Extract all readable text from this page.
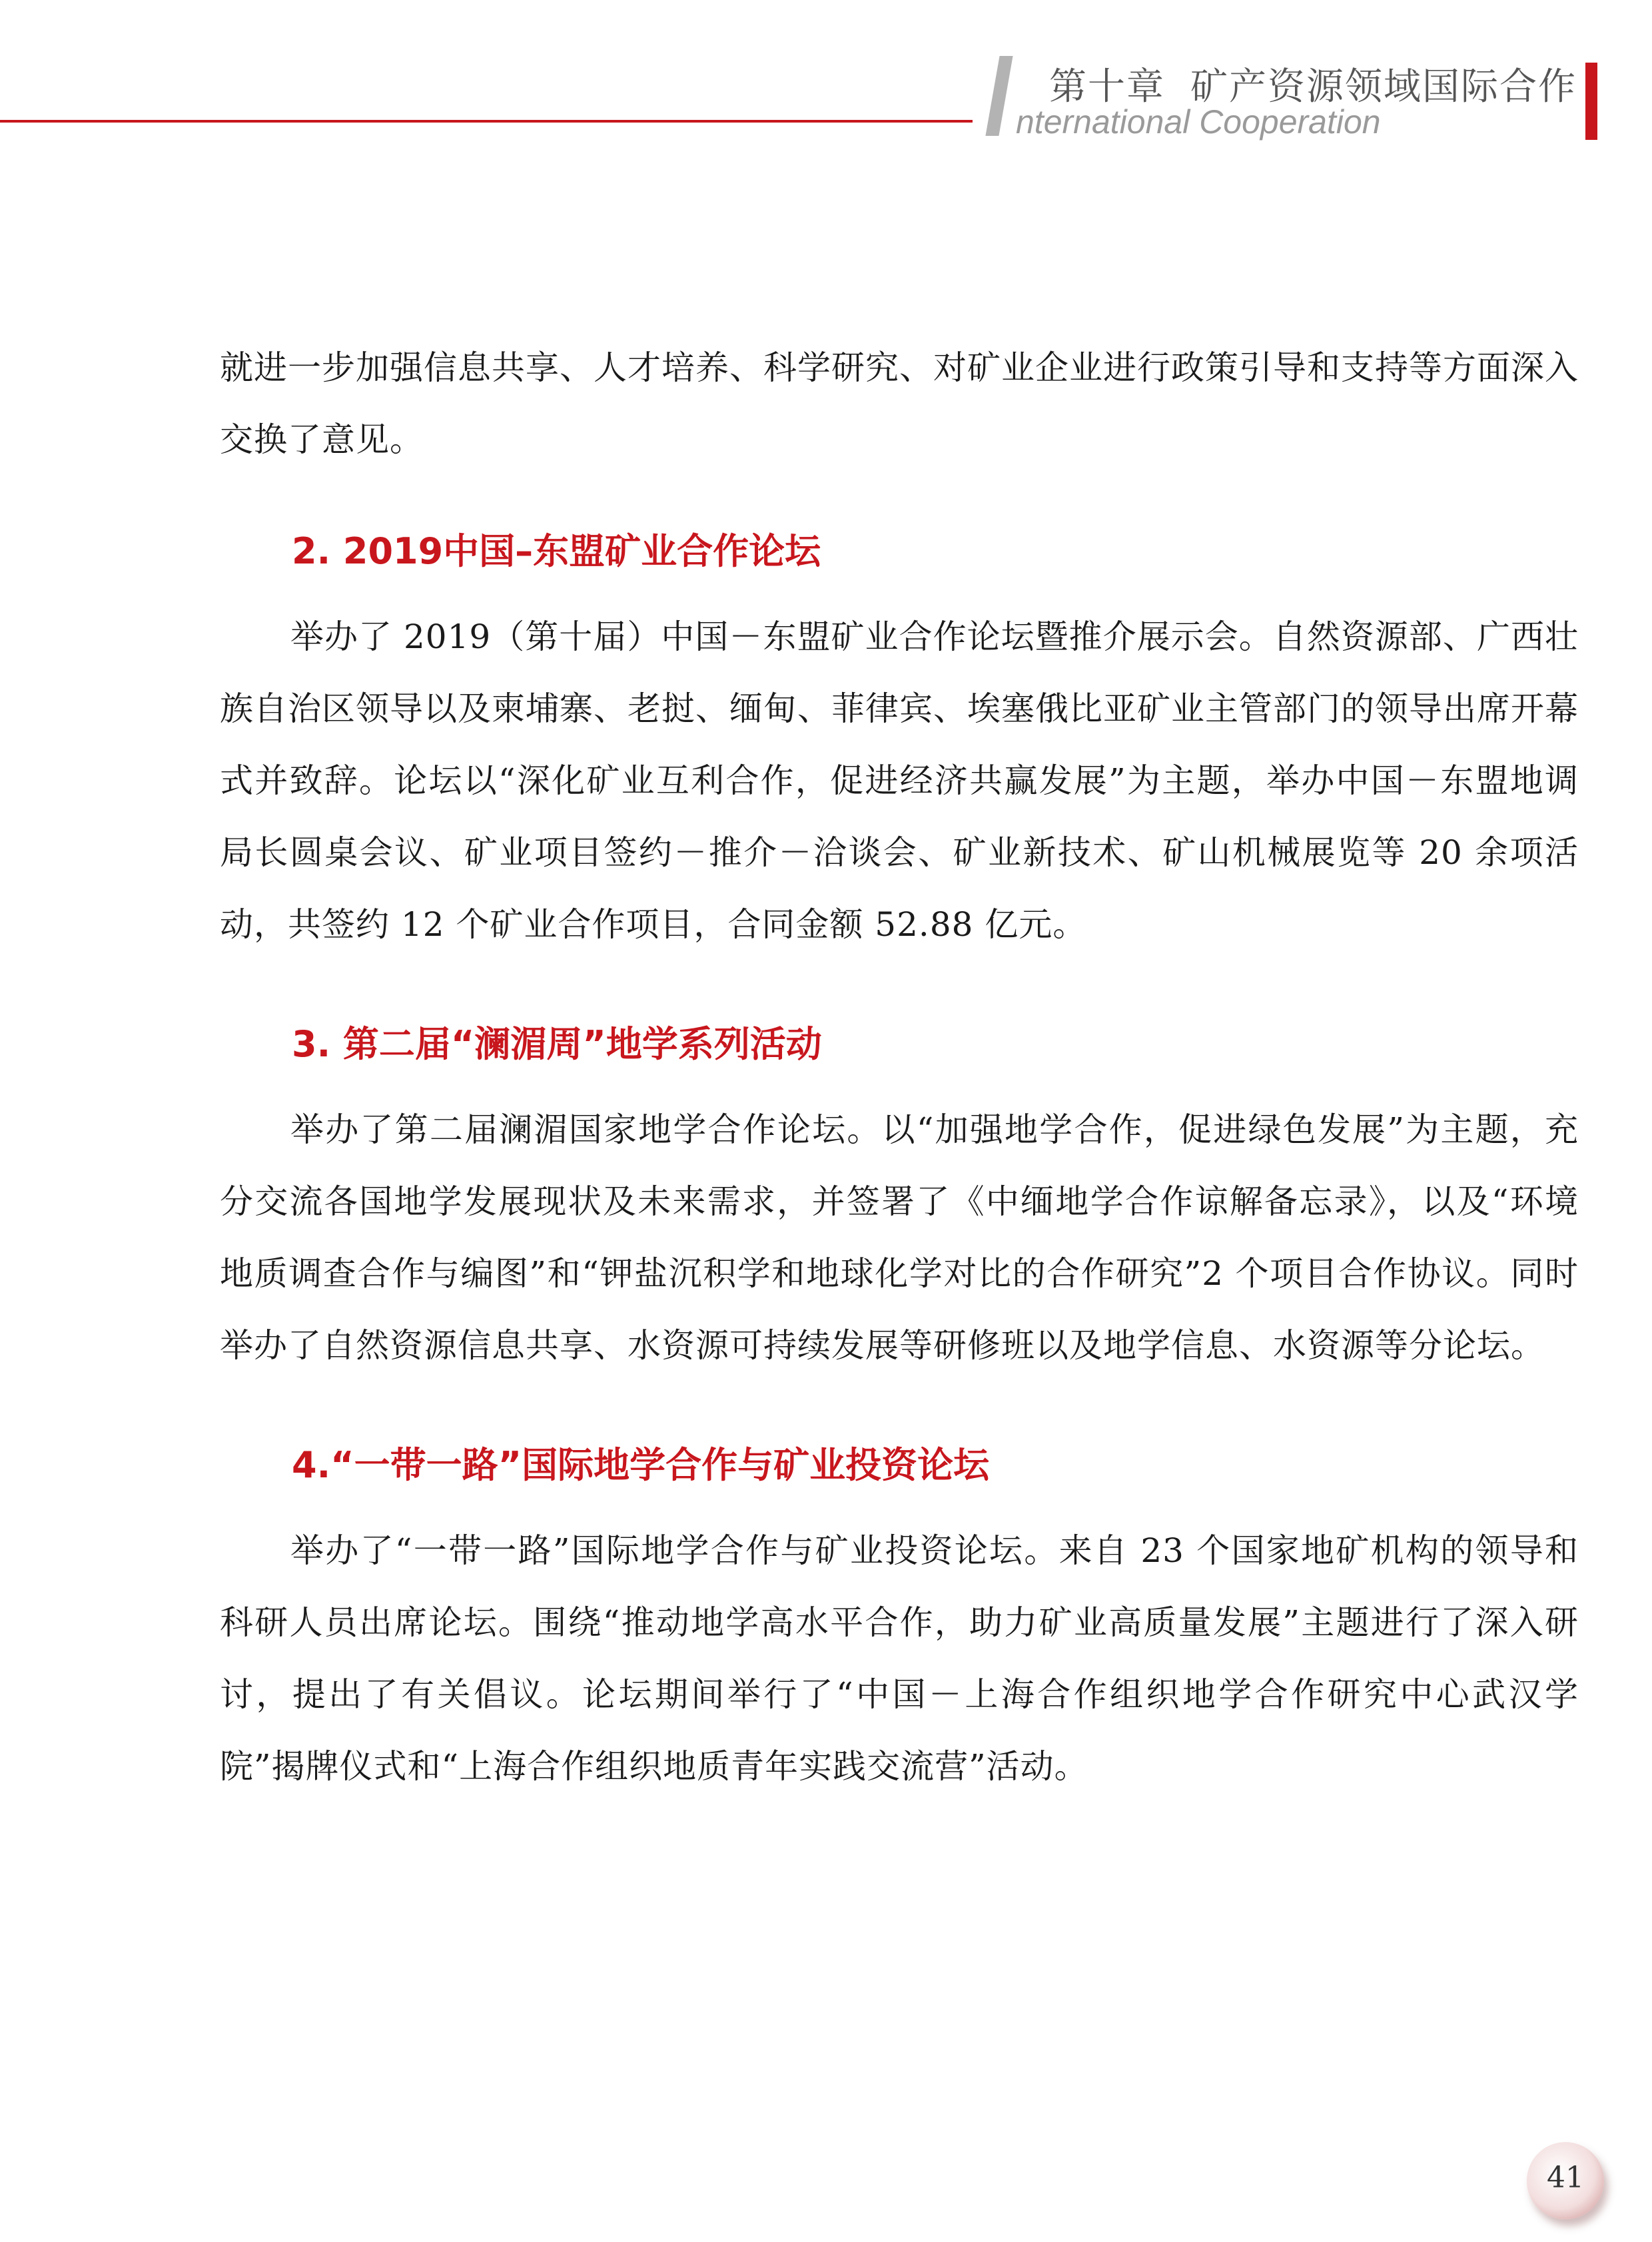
第十章 矿产资源领域国际合作
nternational Cooperation

就进一步加强信息共享、人才培养、科学研究、对矿业企业进行政策引导和支持等方面深入交换了意见。

2. 2019中国–东盟矿业合作论坛

举办了 2019（第十届）中国－东盟矿业合作论坛暨推介展示会。自然资源部、广西壮族自治区领导以及柬埔寨、老挝、缅甸、菲律宾、埃塞俄比亚矿业主管部门的领导出席开幕式并致辞。论坛以“深化矿业互利合作，促进经济共赢发展”为主题，举办中国－东盟地调局长圆桌会议、矿业项目签约－推介－洽谈会、矿业新技术、矿山机械展览等 20 余项活动，共签约 12 个矿业合作项目，合同金额 52.88 亿元。

3. 第二届“澜湄周”地学系列活动

举办了第二届澜湄国家地学合作论坛。以“加强地学合作，促进绿色发展”为主题，充分交流各国地学发展现状及未来需求，并签署了《中缅地学合作谅解备忘录》，以及“环境地质调查合作与编图”和“钾盐沉积学和地球化学对比的合作研究”2 个项目合作协议。同时举办了自然资源信息共享、水资源可持续发展等研修班以及地学信息、水资源等分论坛。

4.“一带一路”国际地学合作与矿业投资论坛

举办了“一带一路”国际地学合作与矿业投资论坛。来自 23 个国家地矿机构的领导和科研人员出席论坛。围绕“推动地学高水平合作，助力矿业高质量发展”主题进行了深入研讨，提出了有关倡议。论坛期间举行了“中国－上海合作组织地学合作研究中心武汉学院”揭牌仪式和“上海合作组织地质青年实践交流营”活动。

41
